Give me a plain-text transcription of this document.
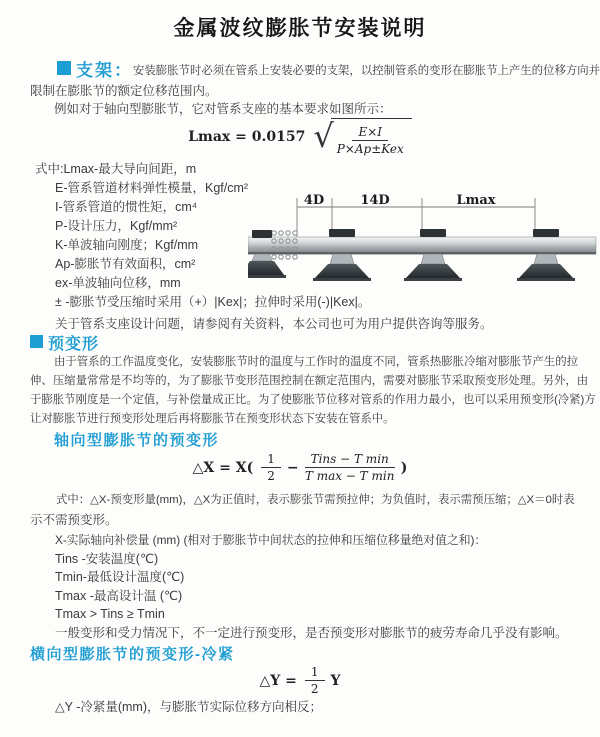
金属波纹膨胀节安装说明
支架：安装膨胀节时必须在管系上安装必要的支架，以控制管系的变形在膨胀节上产生的位移方向并
限制在膨胀节的额定位移范围内。
例如对于轴向型膨胀节，它对管系支座的基本要求如图所示：
Lmax = 0.0157 √ $\frac{E\times I}{\text{P×Ap±Kex}}$
式中:Lmax-最大导向间距，m
E-管系管道材料弹性模量，Kgf/cm²
I-管系管道的惯性矩，cm⁴
P-设计压力，Kgf/mm²
K-单波轴向刚度；Kgf/mm
Ap-膨胀节有效面积，cm²
ex-单波轴向位移，mm
± -膨胀节受压缩时采用（+）|Kex|；拉伸时采用(-)|Kex|。
关于管系支座设计问题，请参阅有关资料，本公司也可为用户提供咨询等服务。
4D	14D	Lmax
预变形
由于管系的工作温度变化，安装膨胀节时的温度与工作时的温度不同，管系热膨胀冷缩对膨胀节产生的拉
伸、压缩量常常是不均等的，为了膨胀节变形范围控制在额定范围内，需要对膨胀节采取预变形处理。另外，由
于膨胀节刚度是一个定值，与补偿量成正比。为了使膨胀节位移对管系的作用力最小，也可以采用预变形(冷紧)方
让对膨胀节进行预变形处理后再将膨胀节在预变形状态下安装在管系中。
轴向型膨胀节的预变形
△X = $X( \frac{1}{2} - \frac{\text{Tins − T min}}{\text{T max − T min}}$ )
式中：△X-预变形量(mm)，△X为正值时，表示膨张节需预拉伸；为负值时，表示需预压缩；△X＝0时表
示不需预变形。
X-实际轴向补偿量 (mm) (相对于膨胀节中间状态的拉伸和压缩位移量绝对值之和)：
Tins -安装温度(℃)
Tmin-最低设计温度(℃)
Tmax -最高设计温 (℃)
Tmax > Tins ≥ Tmin
一般变形和受力情况下，不一定进行预变形，是否预变形对膨胀节的疲劳寿命几乎没有影响。
横向型膨胀节的预变形-冷紧
△Y = $\frac{1}{2}$ Y
△Y -冷紧量(mm)，与膨胀节实际位移方向相反；
